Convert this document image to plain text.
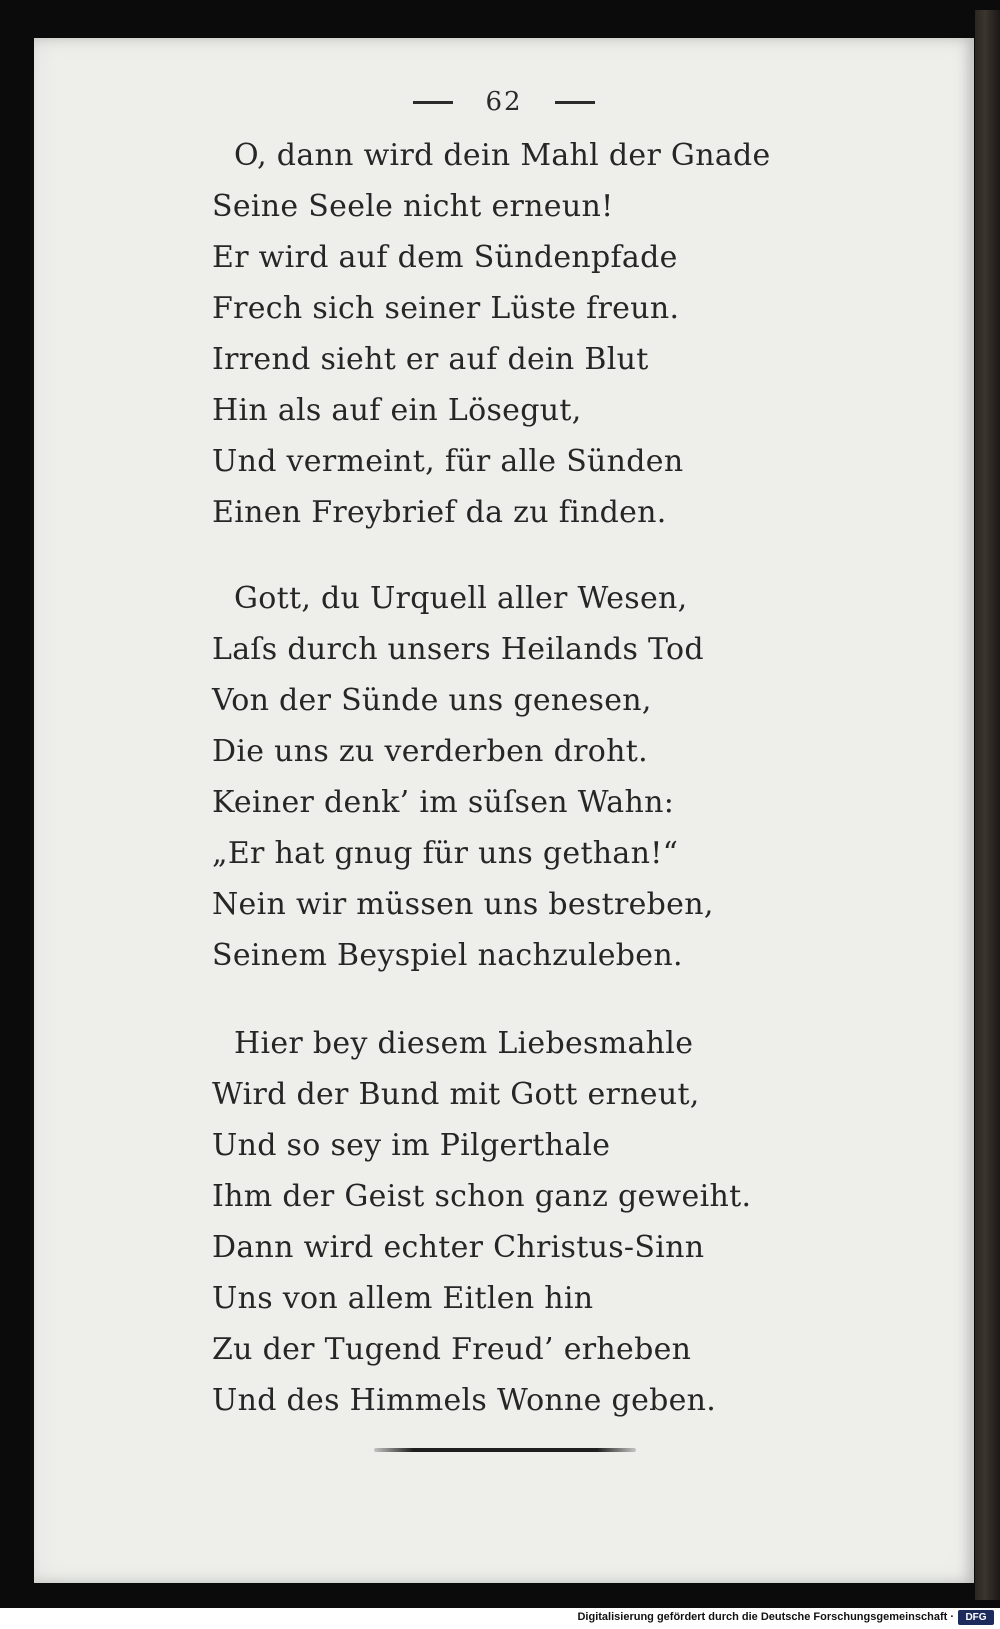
62
O, dann wird dein Mahl der Gnade
Seine Seele nicht erneun!
Er wird auf dem Sündenpfade
Frech sich seiner Lüste freun.
Irrend sieht er auf dein Blut
Hin als auf ein Lösegut,
Und vermeint, für alle Sünden
Einen Freybrief da zu finden.
Gott, du Urquell aller Wesen,
Laſs durch unsers Heilands Tod
Von der Sünde uns genesen,
Die uns zu verderben droht.
Keiner denk’ im süſsen Wahn:
„Er hat gnug für uns gethan!“
Nein wir müssen uns bestreben,
Seinem Beyspiel nachzuleben.
Hier bey diesem Liebesmahle
Wird der Bund mit Gott erneut,
Und so sey im Pilgerthale
Ihm der Geist schon ganz geweiht.
Dann wird echter Christus-Sinn
Uns von allem Eitlen hin
Zu der Tugend Freud’ erheben
Und des Himmels Wonne geben.
Digitalisierung gefördert durch die Deutsche Forschungsgemeinschaft ·	DFG
